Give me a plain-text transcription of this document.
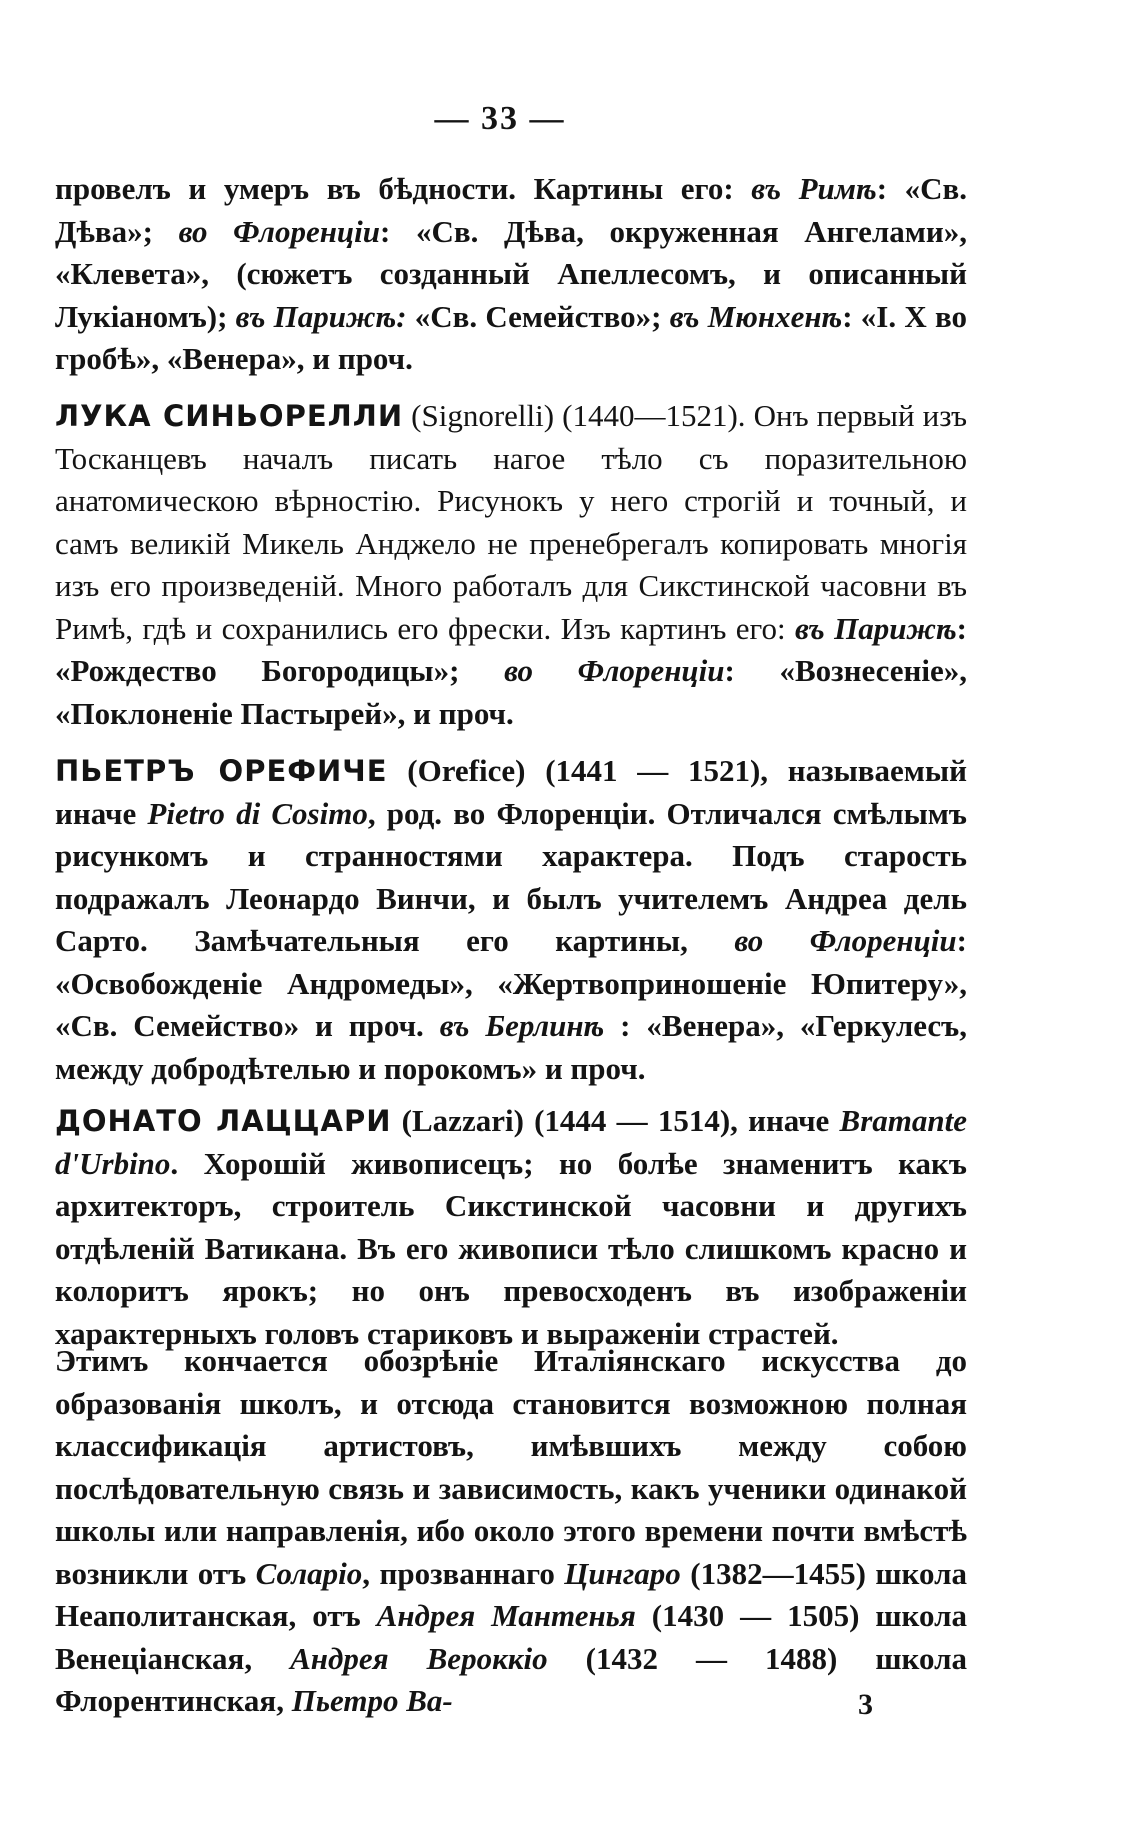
— 33 —
провелъ и умеръ въ бѣдности. Картины его: въ Римѣ: «Св. Дѣва»; во Флоренціи: «Св. Дѣва, окруженная Ангелами», «Клевета», (сюжетъ созданный Апеллесомъ, и описанный Лукіаномъ); въ Парижѣ: «Св. Семейство»; въ Мюнхенѣ: «І. Х во гробѣ», «Венера», и проч.
ЛУКА СИНЬОРЕЛЛИ (Signorelli) (1440—1521). Онъ первый изъ Тосканцевъ началъ писать нагое тѣло съ поразительною анатомическою вѣрностію. Рисунокъ у него строгій и точный, и самъ великій Микель Анджело не пренебрегалъ копировать многія изъ его произведеній. Много работалъ для Сикстинской часовни въ Римѣ, гдѣ и сохранились его фрески. Изъ картинъ его: въ Парижѣ: «Рождество Богородицы»; во Флоренціи: «Вознесеніе», «Поклоненіе Пастырей», и проч.
ПЬЕТРЪ ОРЕФИЧЕ (Orefice) (1441 — 1521), называемый иначе Pietro di Cosimo, род. во Флоренціи. Отличался смѣлымъ рисункомъ и странностями характера. Подъ старость подражалъ Леонардо Винчи, и былъ учителемъ Андреа дель Сарто. Замѣчательныя его картины, во Флоренціи: «Освобожденіе Андромеды», «Жертвоприношеніе Юпитеру», «Св. Семейство» и проч. въ Берлинѣ : «Венера», «Геркулесъ, между добродѣтелью и порокомъ» и проч.
ДОНАТО ЛАЦЦАРИ (Lazzari) (1444 — 1514), иначе Bramante d'Urbino. Хорошій живописецъ; но болѣе знаменитъ какъ архитекторъ, строитель Сикстинской часовни и другихъ отдѣленій Ватикана. Въ его живописи тѣло слишкомъ красно и колоритъ ярокъ; но онъ превосходенъ въ изображеніи характерныхъ головъ стариковъ и выраженіи страстей.
Этимъ кончается обозрѣніе Италіянскаго искусства до образованія школъ, и отсюда становится возможною полная классификація артистовъ, имѣвшихъ между собою послѣдовательную связь и зависимость, какъ ученики одинакой школы или направленія, ибо около этого времени почти вмѣстѣ возникли отъ Соларіо, прозваннаго Цингаро (1382—1455) школа Неаполитанская, отъ Андрея Мантенья (1430 — 1505) школа Венеціанская, Андрея Вероккіо (1432 — 1488) школа Флорентинская, Пьетро Ва-	3
